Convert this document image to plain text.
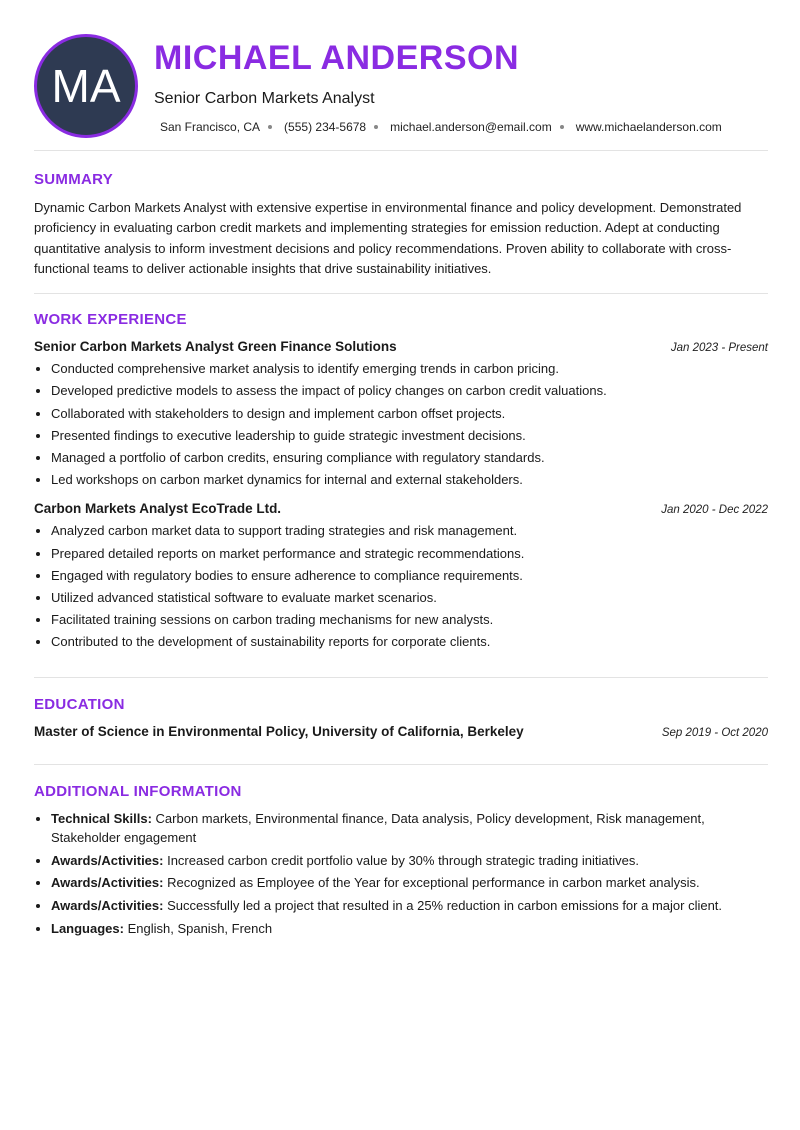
MA
MICHAEL ANDERSON
Senior Carbon Markets Analyst
San Francisco, CA (555) 234-5678 michael.anderson@email.com www.michaelanderson.com
SUMMARY

Dynamic Carbon Markets Analyst with extensive expertise in environmental finance and policy development. Demonstrated proficiency in evaluating carbon credit markets and implementing strategies for emission reduction. Adept at conducting quantitative analysis to inform investment decisions and policy recommendations. Proven ability to collaborate with cross-functional teams to deliver actionable insights that drive sustainability initiatives.

WORK EXPERIENCE
Senior Carbon Markets Analyst Green Finance Solutions	Jan 2023 - Present
• Conducted comprehensive market analysis to identify emerging trends in carbon pricing.
• Developed predictive models to assess the impact of policy changes on carbon credit valuations.
• Collaborated with stakeholders to design and implement carbon offset projects.
• Presented findings to executive leadership to guide strategic investment decisions.
• Managed a portfolio of carbon credits, ensuring compliance with regulatory standards.
• Led workshops on carbon market dynamics for internal and external stakeholders.
Carbon Markets Analyst EcoTrade Ltd.	Jan 2020 - Dec 2022
• Analyzed carbon market data to support trading strategies and risk management.
• Prepared detailed reports on market performance and strategic recommendations.
• Engaged with regulatory bodies to ensure adherence to compliance requirements.
• Utilized advanced statistical software to evaluate market scenarios.
• Facilitated training sessions on carbon trading mechanisms for new analysts.
• Contributed to the development of sustainability reports for corporate clients.
EDUCATION
Master of Science in Environmental Policy, University of California, Berkeley	Sep 2019 - Oct 2020
ADDITIONAL INFORMATION
• Technical Skills: Carbon markets, Environmental finance, Data analysis, Policy development, Risk management, Stakeholder engagement
• Awards/Activities: Increased carbon credit portfolio value by 30% through strategic trading initiatives.
• Awards/Activities: Recognized as Employee of the Year for exceptional performance in carbon market analysis.
• Awards/Activities: Successfully led a project that resulted in a 25% reduction in carbon emissions for a major client.
• Languages: English, Spanish, French
